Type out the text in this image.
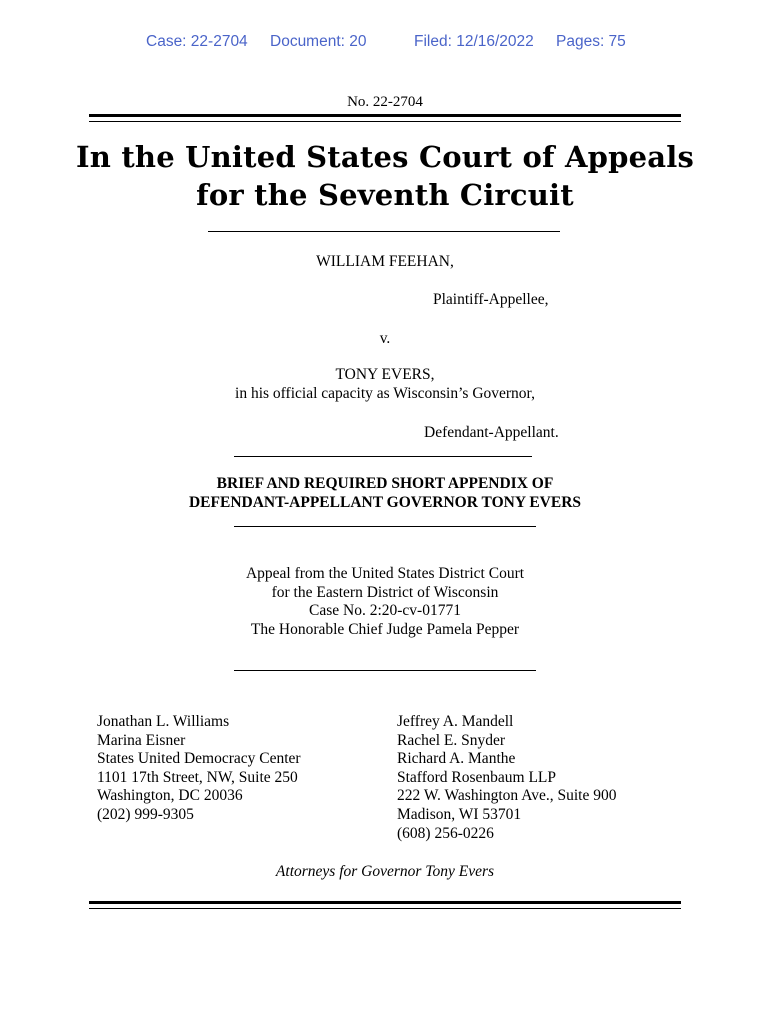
Case: 22-2704 Document: 20	Filed: 12/16/2022 Pages: 75
No. 22-2704
In the United States Court of Appeals
for the Seventh Circuit
WILLIAM FEEHAN,
Plaintiff-Appellee,
v.
TONY EVERS,
in his official capacity as Wisconsin’s Governor,
Defendant-Appellant.
BRIEF AND REQUIRED SHORT APPENDIX OF
DEFENDANT-APPELLANT GOVERNOR TONY EVERS
Appeal from the United States District Court
for the Eastern District of Wisconsin
Case No. 2:20-cv-01771
The Honorable Chief Judge Pamela Pepper
Jonathan L. Williams
Marina Eisner
States United Democracy Center
1101 17th Street, NW, Suite 250
Washington, DC 20036
(202) 999-9305
Jeffrey A. Mandell
Rachel E. Snyder
Richard A. Manthe
Stafford Rosenbaum LLP
222 W. Washington Ave., Suite 900
Madison, WI 53701
(608) 256-0226
Attorneys for Governor Tony Evers
